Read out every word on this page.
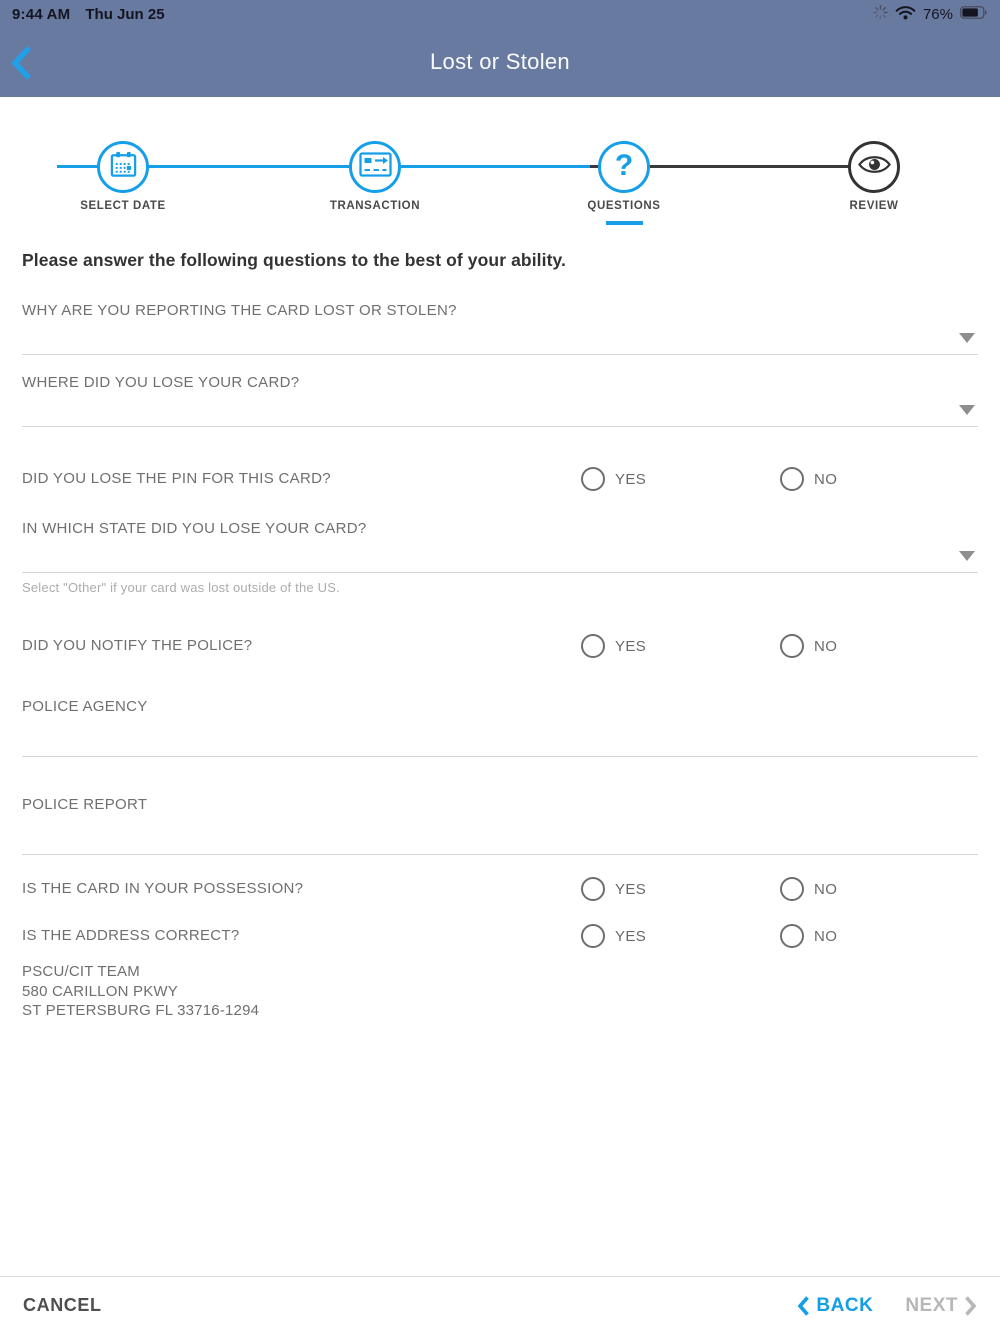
9:44 AM Thu Jun 25	76%
Lost or Stolen
?
SELECT DATE	TRANSACTION	QUESTIONS	REVIEW
Please answer the following questions to the best of your ability.
WHY ARE YOU REPORTING THE CARD LOST OR STOLEN?
WHERE DID YOU LOSE YOUR CARD?
DID YOU LOSE THE PIN FOR THIS CARD?	YES	NO
IN WHICH STATE DID YOU LOSE YOUR CARD?
Select "Other" if your card was lost outside of the US.
DID YOU NOTIFY THE POLICE?	YES	NO
POLICE AGENCY
POLICE REPORT
IS THE CARD IN YOUR POSSESSION?	YES	NO
IS THE ADDRESS CORRECT?	YES	NO
PSCU/CIT TEAM
580 CARILLON PKWY
ST PETERSBURG FL 33716-1294
CANCEL	BACK NEXT
